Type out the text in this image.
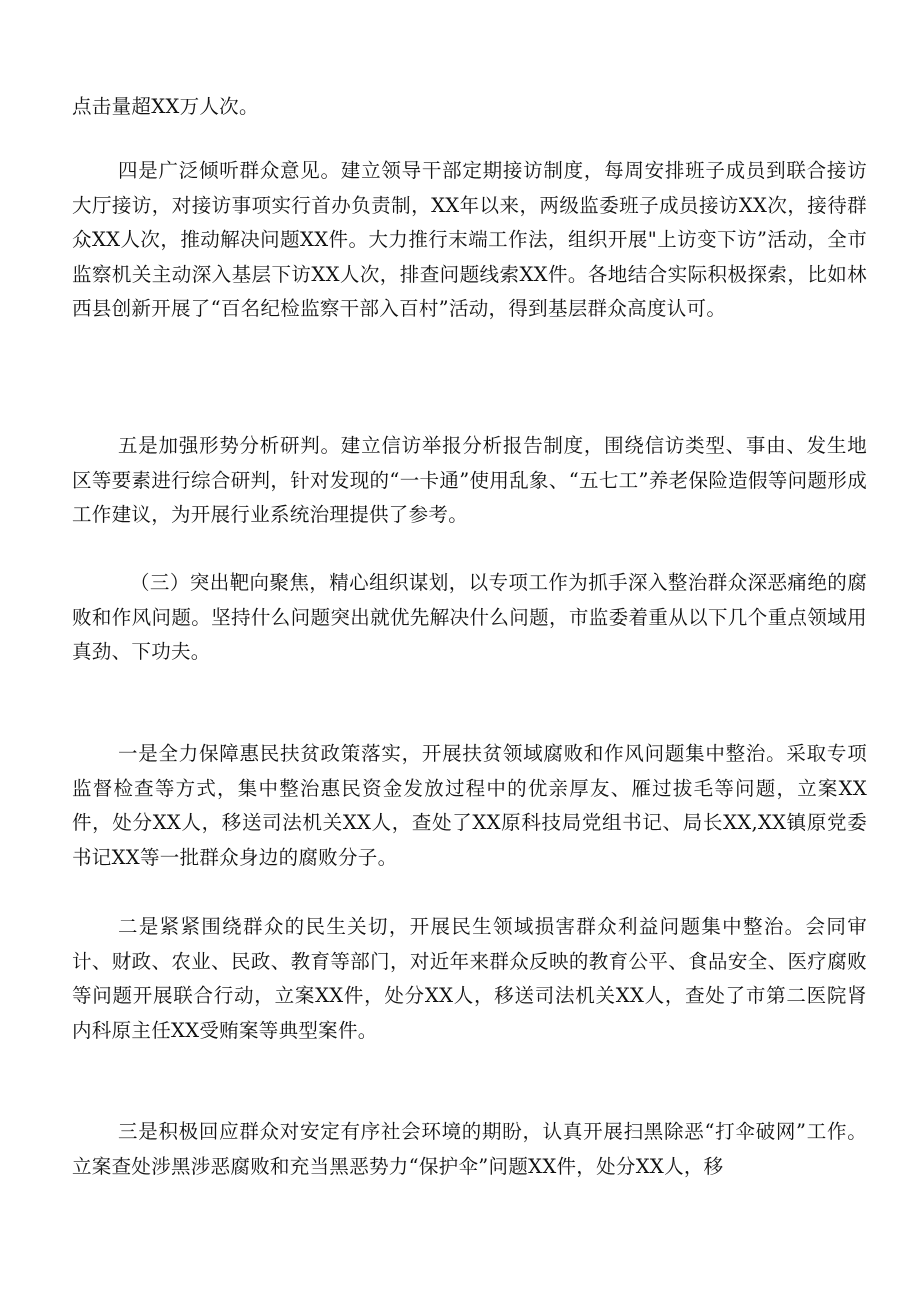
点击量超XX万人次。

四是广泛倾听群众意见。建立领导干部定期接访制度，每周安排班子成员到联合接访大厅接访，对接访事项实行首办负责制，XX年以来，两级监委班子成员接访XX次，接待群众XX人次，推动解决问题XX件。大力推行末端工作法，组织开展"上访变下访”活动，全市监察机关主动深入基层下访XX人次，排查问题线索XX件。各地结合实际积极探索，比如林西县创新开展了“百名纪检监察干部入百村”活动，得到基层群众高度认可。

五是加强形势分析研判。建立信访举报分析报告制度，围绕信访类型、事由、发生地区等要素进行综合研判，针对发现的“一卡通”使用乱象、“五七工”养老保险造假等问题形成工作建议，为开展行业系统治理提供了参考。

（三）突出靶向聚焦，精心组织谋划，以专项工作为抓手深入整治群众深恶痛绝的腐败和作风问题。坚持什么问题突出就优先解决什么问题，市监委着重从以下几个重点领域用真劲、下功夫。

一是全力保障惠民扶贫政策落实，开展扶贫领域腐败和作风问题集中整治。采取专项监督检查等方式，集中整治惠民资金发放过程中的优亲厚友、雁过拔毛等问题，立案XX件，处分XX人，移送司法机关XX人，查处了XX原科技局党组书记、局长XX,XX镇原党委书记XX等一批群众身边的腐败分子。

二是紧紧围绕群众的民生关切，开展民生领域损害群众利益问题集中整治。会同审计、财政、农业、民政、教育等部门，对近年来群众反映的教育公平、食品安全、医疗腐败等问题开展联合行动，立案XX件，处分XX人，移送司法机关XX人，查处了市第二医院肾内科原主任XX受贿案等典型案件。

三是积极回应群众对安定有序社会环境的期盼，认真开展扫黑除恶“打伞破网”工作。立案查处涉黑涉恶腐败和充当黑恶势力“保护伞”问题XX件，处分XX人，移
